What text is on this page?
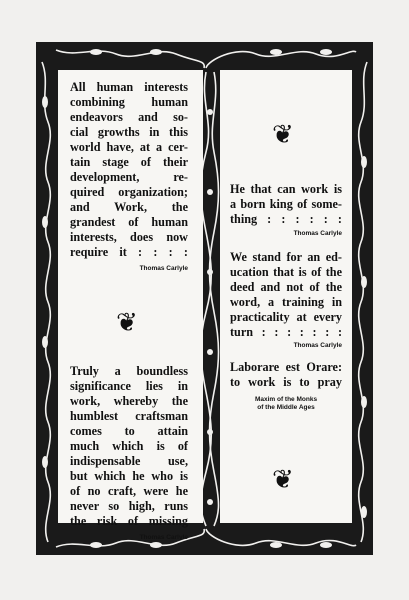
All human interests
combining human
endeavors and so-
cial growths in this
world have, at a cer-
tain stage of their
development, re-
quired organization;
and Work, the
grandest of human
interests, does now
require it : : : :
Thomas Carlyle
❦
Truly a boundless
significance lies in
work, whereby the
humblest craftsman
comes to attain
much which is of
indispensable use,
but which he who is
of no craft, were he
never so high, runs
the risk of missing
Thomas Carlyle
❦
He that can work is
a born king of some-
thing : : : : : :
Thomas Carlyle
We stand for an ed-
ucation that is of the
deed and not of the
word, a training in
practicality at every
turn : : : : : : :
Thomas Carlyle
Laborare est Orare:
to work is to pray
Maxim of the Monks
of the Middle Ages
❦
